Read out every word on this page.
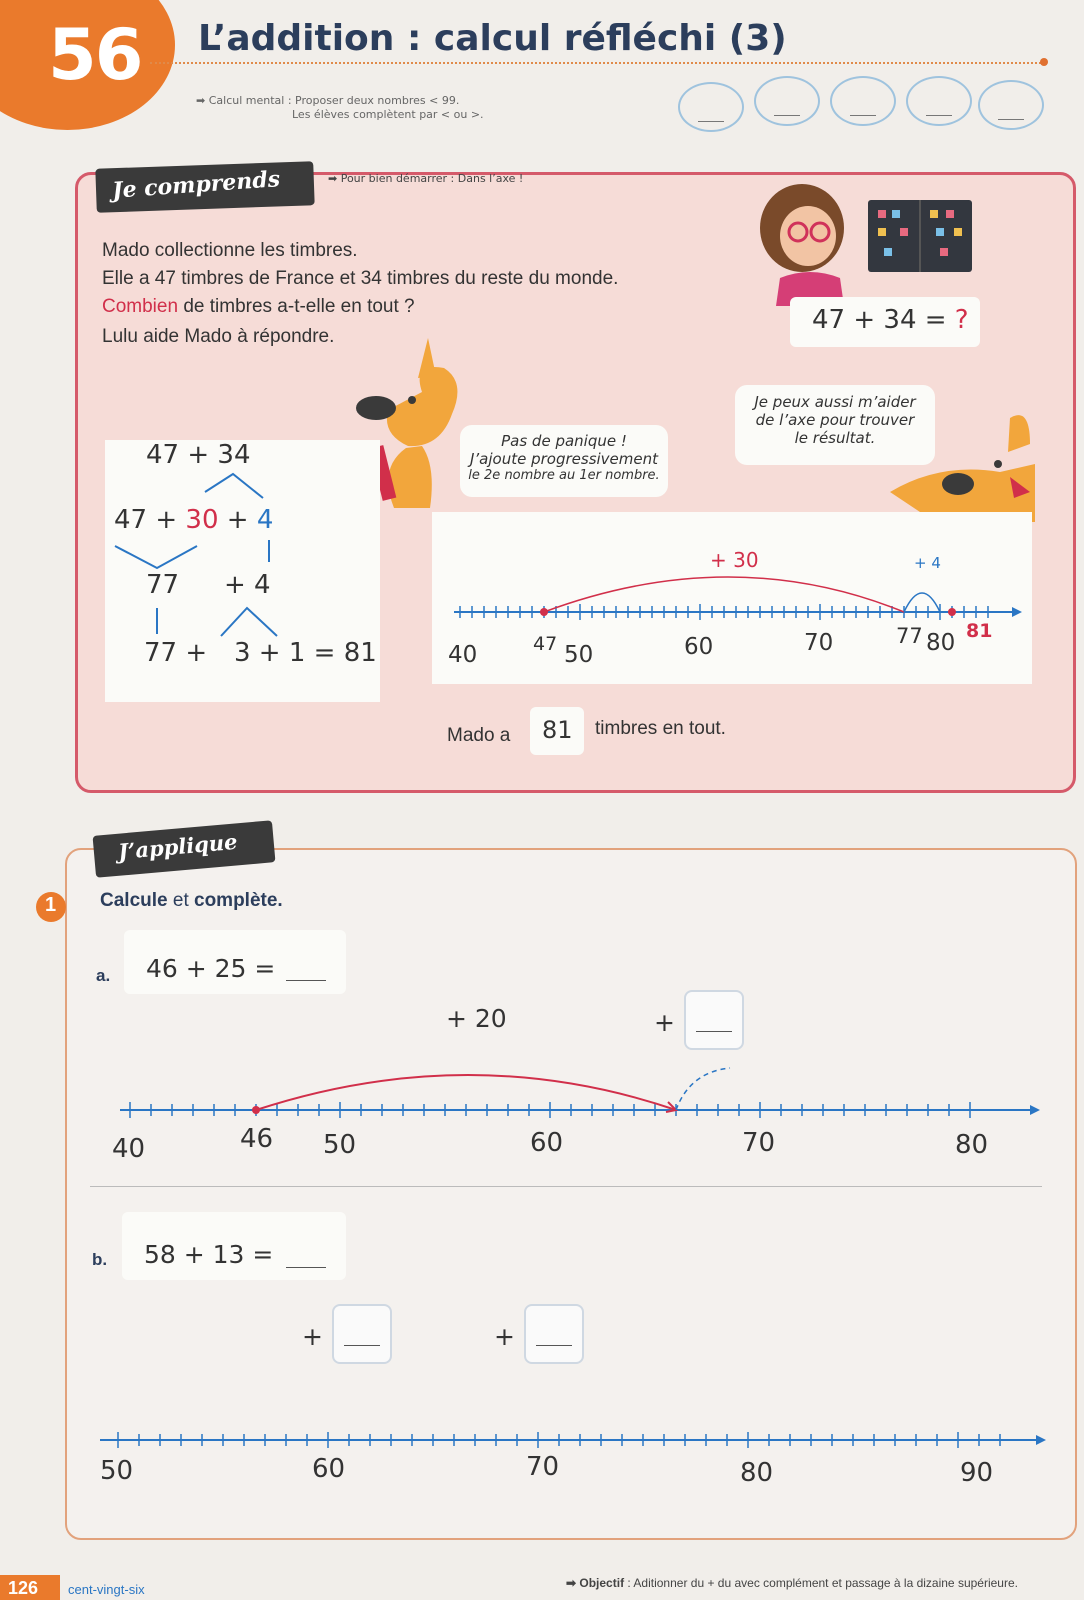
56 L’addition : calcul réfléchi (3)
➡ Calcul mental : Proposer deux nombres < 99.
Les élèves complètent par < ou >.
Je comprends	➡ Pour bien démarrer : Dans l’axe !
Mado collectionne les timbres.
Elle a 47 timbres de France et 34 timbres du reste du monde.
Combien de timbres a-t-elle en tout ?
Lulu aide Mado à répondre.
47 + 34 = ?
Pas de panique !
J’ajoute progressivement
le 2e nombre au 1er nombre.
Je peux aussi m’aider
de l’axe pour trouver
le résultat.
47 + 34
47 + 30 + 4
77 + 4
77 + 3 + 1 = 81
+ 30	+ 4
40	47 50	60	70	77 80 81
Mado a 81 timbres en tout.
J’applique
1 Calcule et complète.
a. 46 + 25 =
+ 20	+
40	46 50	60	70	80
b. 58 + 13 =
+	+
50	60	70	80	90
126 cent-vingt-six	➡ Objectif : Aditionner du + du avec complément et passage à la dizaine supérieure.
